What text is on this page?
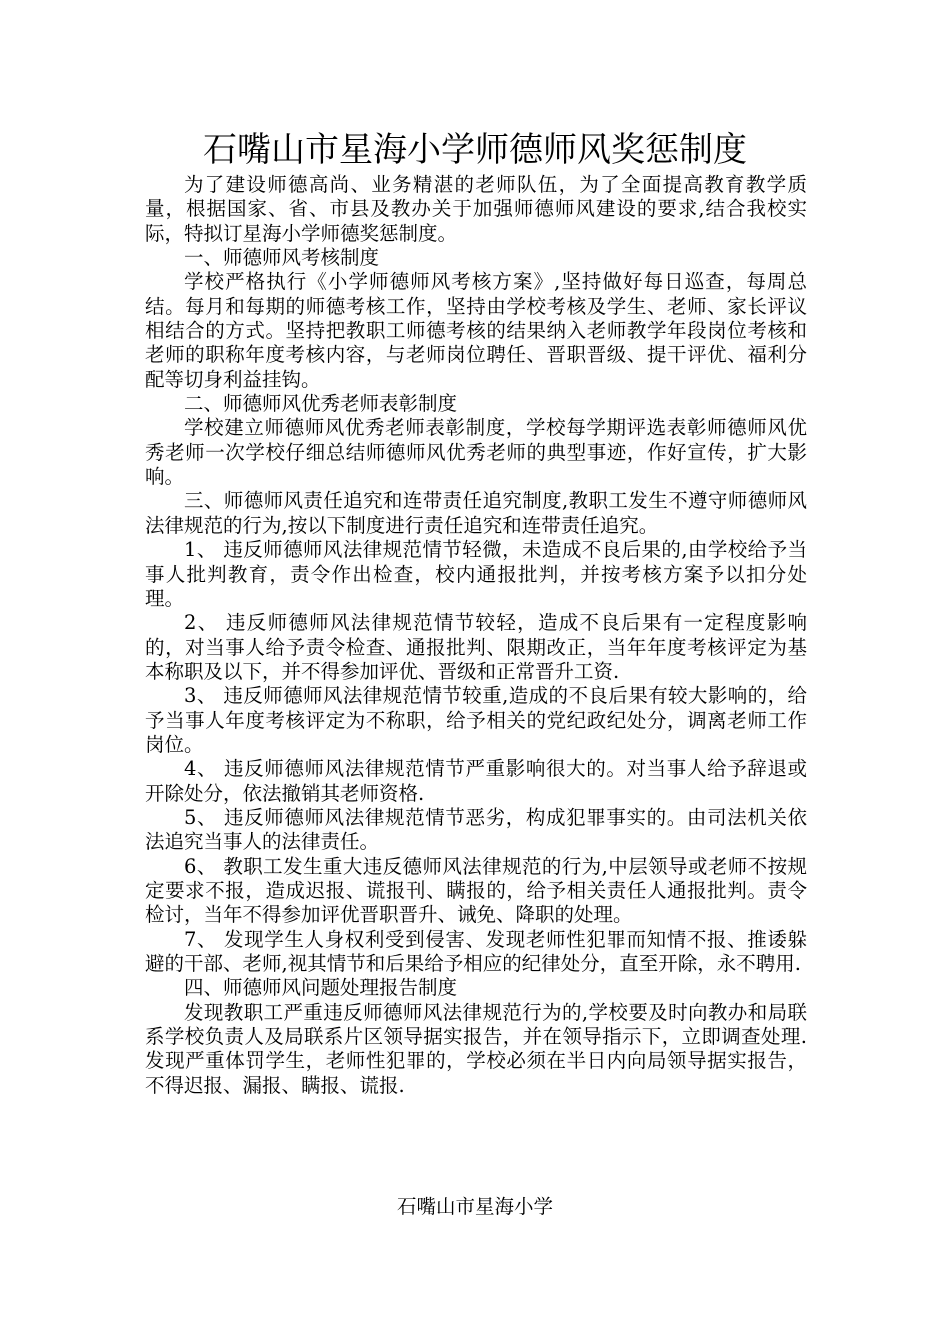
石嘴山市星海小学师德师风奖惩制度

为了建设师德高尚、业务精湛的老师队伍，为了全面提高教育教学质量，根据国家、省、市县及教办关于加强师德师风建设的要求,结合我校实际，特拟订星海小学师德奖惩制度。

一、师德师风考核制度

学校严格执行《小学师德师风考核方案》,坚持做好每日巡查，每周总结。每月和每期的师德考核工作，坚持由学校考核及学生、老师、家长评议相结合的方式。坚持把教职工师德考核的结果纳入老师教学年段岗位考核和老师的职称年度考核内容，与老师岗位聘任、晋职晋级、提干评优、福利分配等切身利益挂钩。

二、师德师风优秀老师表彰制度

学校建立师德师风优秀老师表彰制度，学校每学期评选表彰师德师风优秀老师一次学校仔细总结师德师风优秀老师的典型事迹，作好宣传，扩大影响。

三、师德师风责任追究和连带责任追究制度,教职工发生不遵守师德师风法律规范的行为,按以下制度进行责任追究和连带责任追究。

1、 违反师德师风法律规范情节轻微，未造成不良后果的,由学校给予当事人批判教育，责令作出检查，校内通报批判，并按考核方案予以扣分处理。

2、 违反师德师风法律规范情节较轻，造成不良后果有一定程度影响的，对当事人给予责令检查、通报批判、限期改正，当年年度考核评定为基本称职及以下，并不得参加评优、晋级和正常晋升工资.

3、 违反师德师风法律规范情节较重,造成的不良后果有较大影响的，给予当事人年度考核评定为不称职，给予相关的党纪政纪处分，调离老师工作岗位。

4、 违反师德师风法律规范情节严重影响很大的。对当事人给予辞退或开除处分，依法撤销其老师资格.

5、 违反师德师风法律规范情节恶劣，构成犯罪事实的。由司法机关依法追究当事人的法律责任。

6、 教职工发生重大违反德师风法律规范的行为,中层领导或老师不按规定要求不报，造成迟报、谎报刊、瞒报的，给予相关责任人通报批判。责令检讨，当年不得参加评优晋职晋升、诫免、降职的处理。

7、 发现学生人身权利受到侵害、发现老师性犯罪而知情不报、推诿躲避的干部、老师,视其情节和后果给予相应的纪律处分，直至开除，永不聘用.

四、师德师风问题处理报告制度

发现教职工严重违反师德师风法律规范行为的,学校要及时向教办和局联系学校负责人及局联系片区领导据实报告，并在领导指示下，立即调查处理.发现严重体罚学生，老师性犯罪的，学校必须在半日内向局领导据实报告，不得迟报、漏报、瞒报、谎报.

石嘴山市星海小学
